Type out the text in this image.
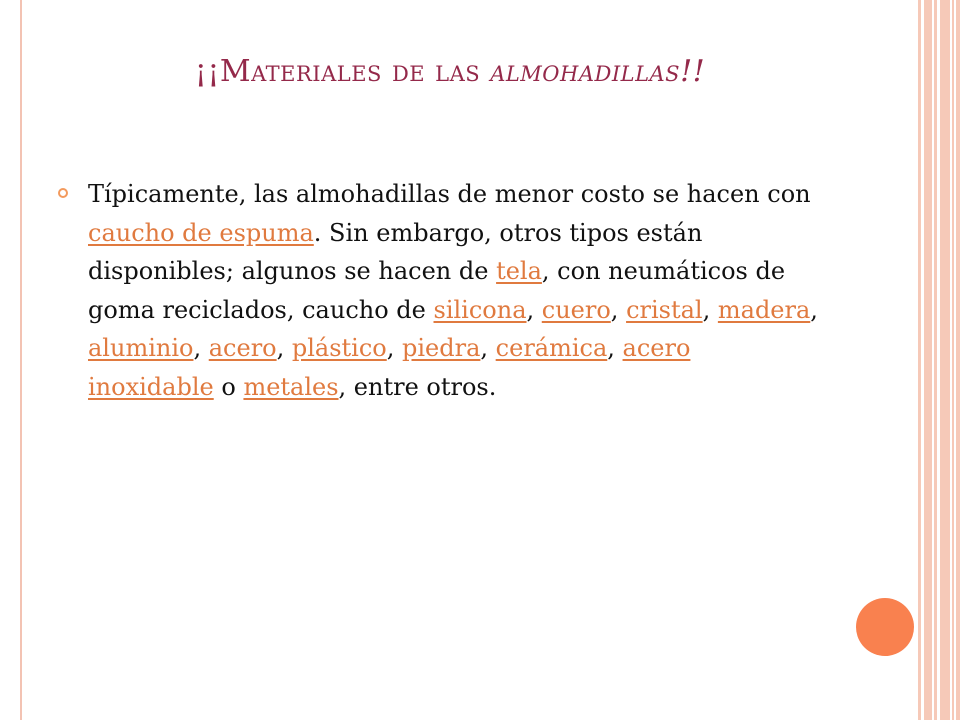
¡¡Materiales de las almohadillas!!
Típicamente, las almohadillas de menor costo se hacen con caucho de espuma. Sin embargo, otros tipos están disponibles; algunos se hacen de tela, con neumáticos de goma reciclados, caucho de silicona, cuero, cristal, madera, aluminio, acero, plástico, piedra, cerámica, acero inoxidable o metales, entre otros.
